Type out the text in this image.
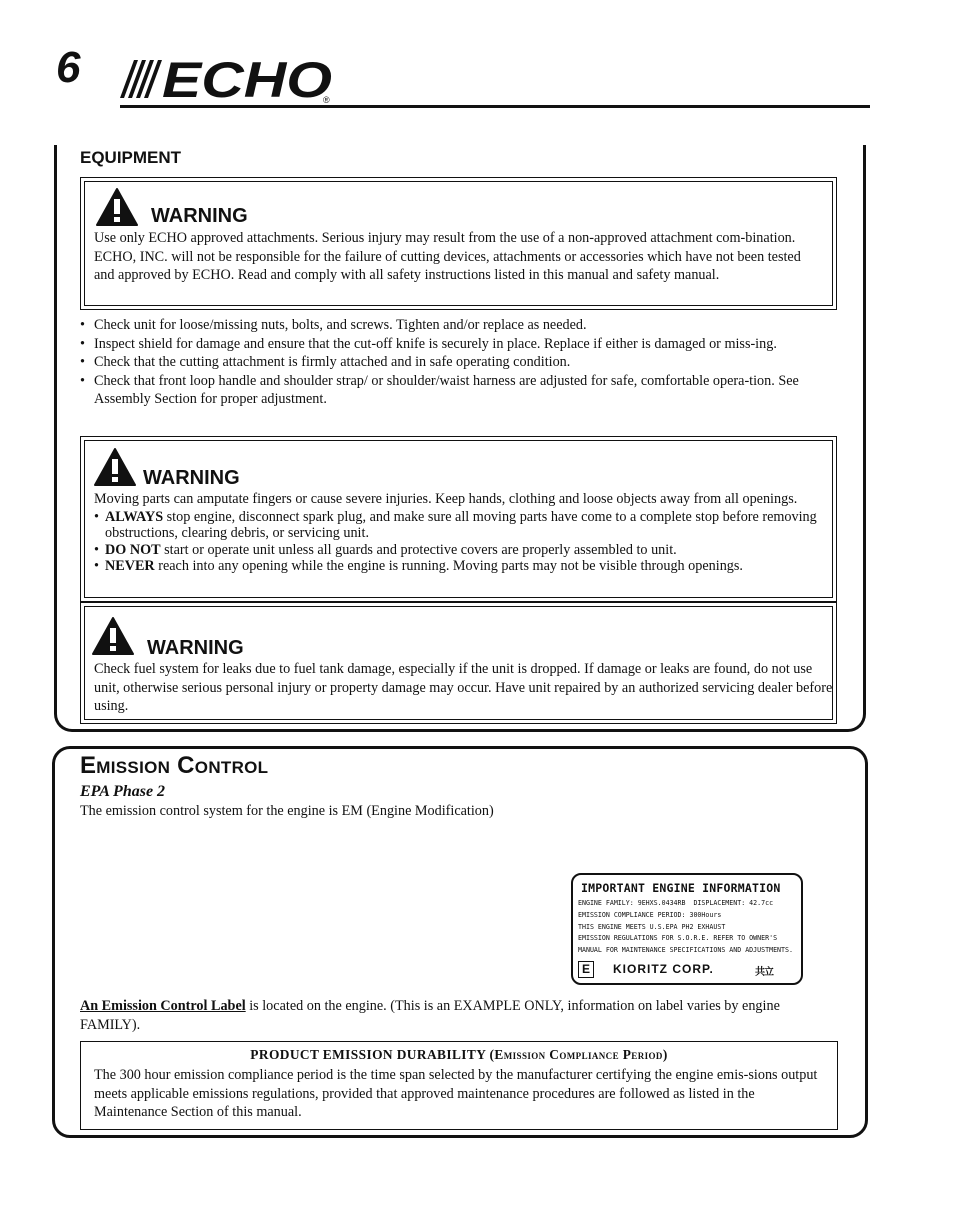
6 ECHO
®
EQUIPMENT
WARNING

Use only ECHO approved attachments. Serious injury may result from the use of a non-approved attachment com-bination. ECHO, INC. will not be responsible for the failure of cutting devices, attachments or accessories which have not been tested and approved by ECHO. Read and comply with all safety instructions listed in this manual and safety manual.

• Check unit for loose/missing nuts, bolts, and screws. Tighten and/or replace as needed.
• Inspect shield for damage and ensure that the cut-off knife is securely in place. Replace if either is damaged or miss-ing.
• Check that the cutting attachment is firmly attached and in safe operating condition.
• Check that front loop handle and shoulder strap/ or shoulder/waist harness are adjusted for safe, comfortable opera-tion. See Assembly Section for proper adjustment.
WARNING
Moving parts can amputate fingers or cause severe injuries. Keep hands, clothing and loose objects away from all openings.
• ALWAYS stop engine, disconnect spark plug, and make sure all moving parts have come to a complete stop before removing obstructions, clearing debris, or servicing unit.
• DO NOT start or operate unit unless all guards and protective covers are properly assembled to unit.
• NEVER reach into any opening while the engine is running. Moving parts may not be visible through openings.
WARNING

Check fuel system for leaks due to fuel tank damage, especially if the unit is dropped. If damage or leaks are found, do not use unit, otherwise serious personal injury or property damage may occur. Have unit repaired by an authorized servicing dealer before using.

Emission Control
EPA Phase 2
The emission control system for the engine is EM (Engine Modification)
IMPORTANT ENGINE INFORMATION
ENGINE FAMILY: 9EHXS.0434RB  DISPLACEMENT: 42.7cc
EMISSION COMPLIANCE PERIOD: 300Hours
THIS ENGINE MEETS U.S.EPA PH2 EXHAUST
EMISSION REGULATIONS FOR S.O.R.E. REFER TO OWNER'S
MANUAL FOR MAINTENANCE SPECIFICATIONS AND ADJUSTMENTS.
E	KIORITZ CORP.	共立
An Emission Control Label is located on the engine. (This is an EXAMPLE ONLY, information on label varies by engine FAMILY).
PRODUCT EMISSION DURABILITY (Emission Compliance Period)
The 300 hour emission compliance period is the time span selected by the manufacturer certifying the engine emis-sions output meets applicable emissions regulations, provided that approved maintenance procedures are followed as listed in the Maintenance Section of this manual.
